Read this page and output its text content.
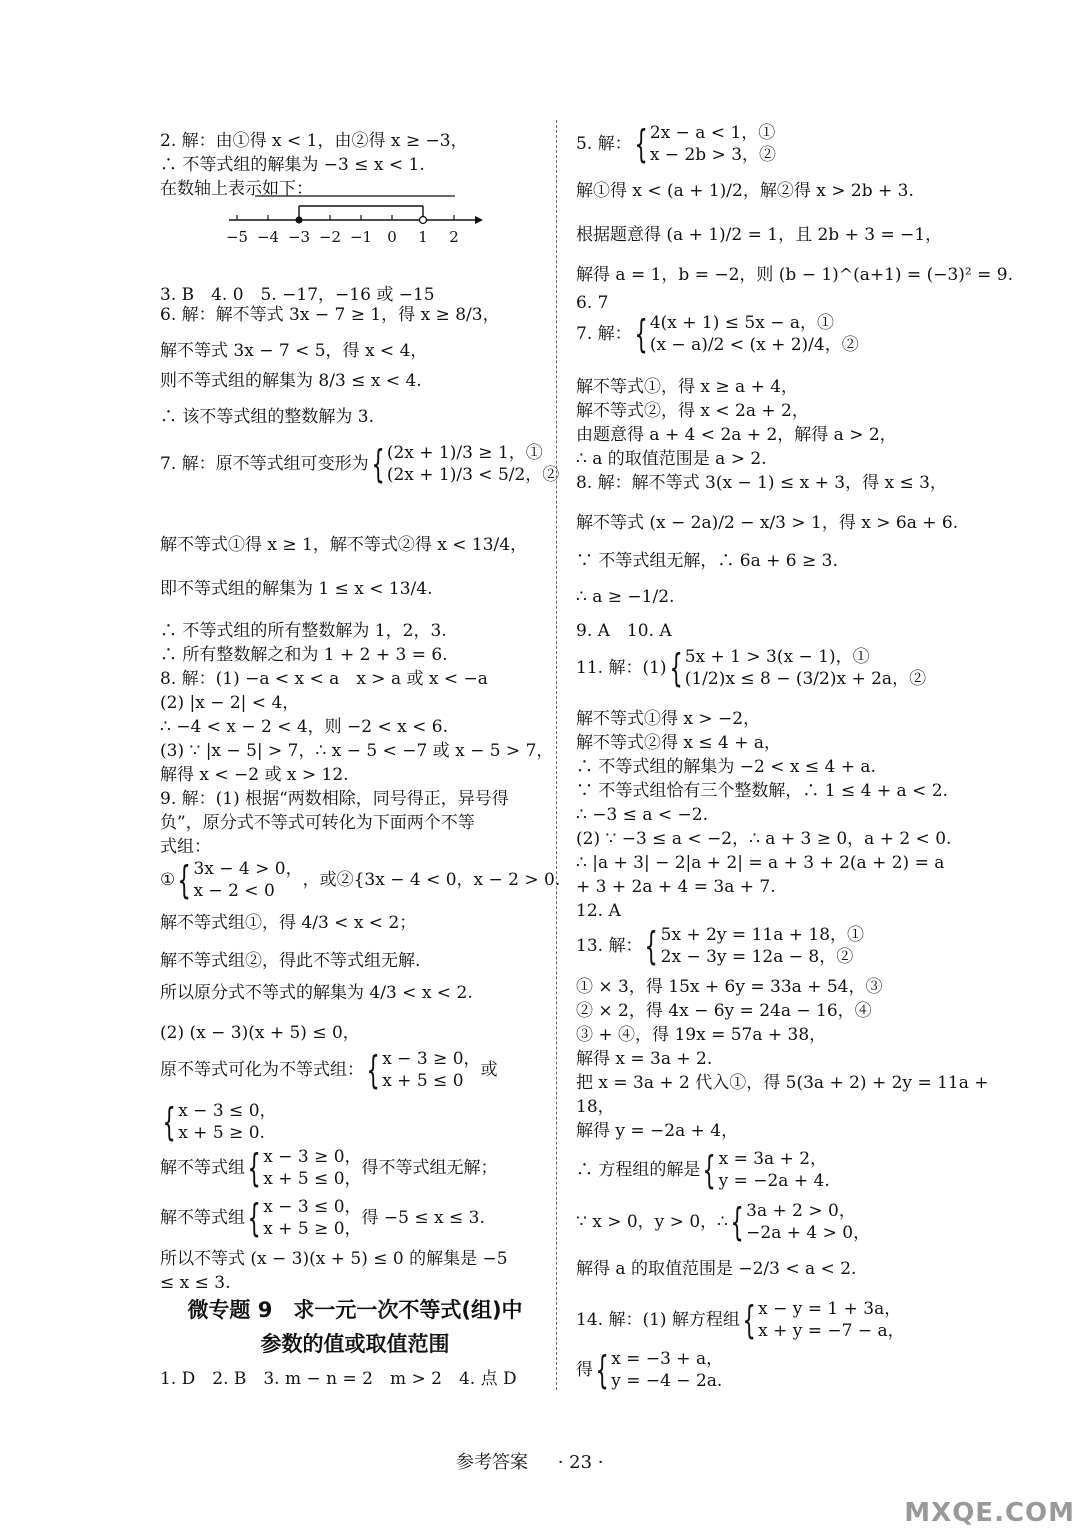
2. 解：由①得 x < 1，由②得 x ≥ −3，
∴ 不等式组的解集为 −3 ≤ x < 1.
在数轴上表示如下：
3. B　4. 0　5. −17，−16 或 −15
6. 解：解不等式 3x − 7 ≥ 1，得 x ≥ 8/3，
解不等式 3x − 7 < 5，得 x < 4，
则不等式组的解集为 8/3 ≤ x < 4.
∴ 该不等式组的整数解为 3.
解不等式①得 x ≥ 1，解不等式②得 x < 13/4，
即不等式组的解集为 1 ≤ x < 13/4.
∴ 不等式组的所有整数解为 1，2，3.
∴ 所有整数解之和为 1 + 2 + 3 = 6.
8. 解：(1) −a < x < a　x > a 或 x < −a
(2) |x − 2| < 4，
∴ −4 < x − 2 < 4，则 −2 < x < 6.
(3) ∵ |x − 5| > 7，∴ x − 5 < −7 或 x − 5 > 7，
解得 x < −2 或 x > 12.
9. 解：(1) 根据“两数相除，同号得正，异号得
负”，原分式不等式可转化为下面两个不等
式组：
解不等式组①，得 4/3 < x < 2；
解不等式组②，得此不等式组无解.
所以原分式不等式的解集为 4/3 < x < 2.
(2) (x − 3)(x + 5) ≤ 0，
所以不等式 (x − 3)(x + 5) ≤ 0 的解集是 −5
≤ x ≤ 3.
1. D　2. B　3. m − n = 2　m > 2　4. 点 D
7. 解：原不等式组可变形为 { (2x + 1)/3 ≥ 1，①
(2x + 1)/3 < 5/2，②
① { 3x − 4 > 0，
x − 2 < 0
，或②{3x − 4 < 0，x − 2 > 0.
原不等式可化为不等式组： { x − 3 ≥ 0，
x + 5 ≤ 0
或
{ x − 3 ≤ 0，
x + 5 ≥ 0.
解不等式组 { x − 3 ≥ 0，
x + 5 ≤ 0，
得不等式组无解；
解不等式组 { x − 3 ≤ 0，
x + 5 ≥ 0，
得 −5 ≤ x ≤ 3.
解①得 x < (a + 1)/2，解②得 x > 2b + 3.
根据题意得 (a + 1)/2 = 1，且 2b + 3 = −1，
解得 a = 1，b = −2，则 (b − 1)^(a+1) = (−3)² = 9.
6. 7
解不等式①，得 x ≥ a + 4，
解不等式②，得 x < 2a + 2，
由题意得 a + 4 < 2a + 2，解得 a > 2，
∴ a 的取值范围是 a > 2.
8. 解：解不等式 3(x − 1) ≤ x + 3，得 x ≤ 3，
解不等式 (x − 2a)/2 − x/3 > 1，得 x > 6a + 6.
∵ 不等式组无解，∴ 6a + 6 ≥ 3.
∴ a ≥ −1/2.
9. A　10. A
解不等式①得 x > −2，
解不等式②得 x ≤ 4 + a，
∴ 不等式组的解集为 −2 < x ≤ 4 + a.
∵ 不等式组恰有三个整数解，∴ 1 ≤ 4 + a < 2.
∴ −3 ≤ a < −2.
(2) ∵ −3 ≤ a < −2，∴ a + 3 ≥ 0，a + 2 < 0.
∴ |a + 3| − 2|a + 2| = a + 3 + 2(a + 2) = a
+ 3 + 2a + 4 = 3a + 7.
12. A
① × 3，得 15x + 6y = 33a + 54，③
② × 2，得 4x − 6y = 24a − 16，④
③ + ④，得 19x = 57a + 38，
解得 x = 3a + 2.
把 x = 3a + 2 代入①，得 5(3a + 2) + 2y = 11a +
18，
解得 y = −2a + 4，
解得 a 的取值范围是 −2/3 < a < 2.
5. 解： { 2x − a < 1，①
x − 2b > 3，②
7. 解： { 4(x + 1) ≤ 5x − a，①
(x − a)/2 < (x + 2)/4，②
11. 解：(1) { 5x + 1 > 3(x − 1)，①
(1/2)x ≤ 8 − (3/2)x + 2a，②
13. 解： { 5x + 2y = 11a + 18，①
2x − 3y = 12a − 8，②
∴ 方程组的解是 { x = 3a + 2，
y = −2a + 4.
∵ x > 0，y > 0，∴ { 3a + 2 > 0，
−2a + 4 > 0，
14. 解：(1) 解方程组 { x − y = 1 + 3a，
x + y = −7 − a，
得 { x = −3 + a，
y = −4 − 2a.
−5 −4 −3 −2 −1 0 1 2
微专题 9　求一元一次不等式(组)中
参数的值或取值范围
参考答案 · 23 ·
MXQE.COM
